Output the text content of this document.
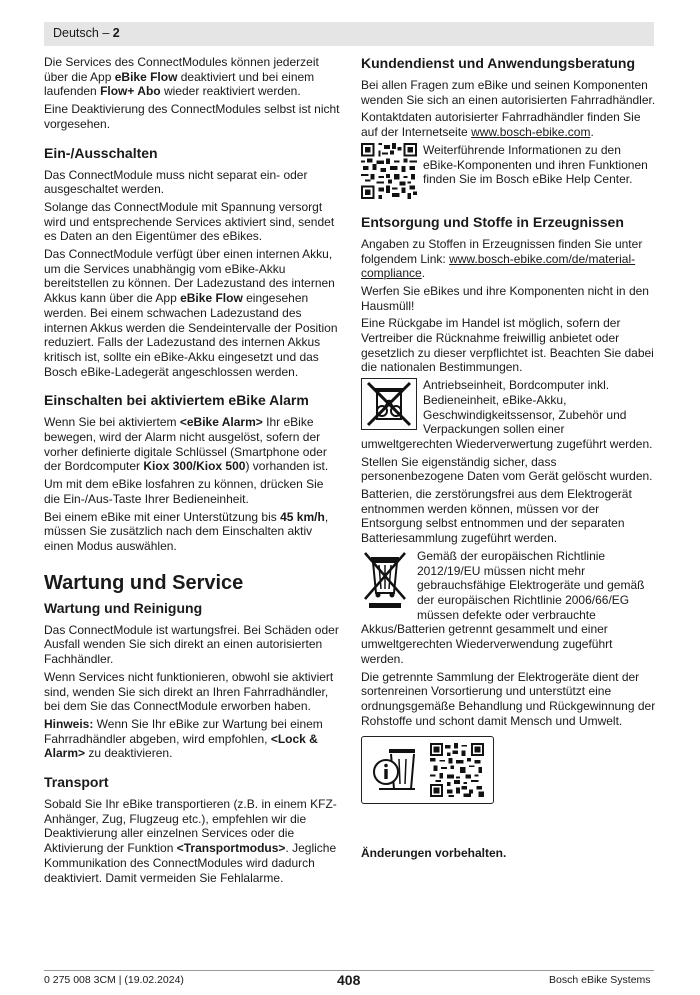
Deutsch – 2

Die Services des ConnectModules können jederzeit über die App eBike Flow deaktiviert und bei einem laufenden Flow+ Abo wieder reaktiviert werden.

Eine Deaktivierung des ConnectModules selbst ist nicht vorgesehen.

Ein-/Ausschalten

Das ConnectModule muss nicht separat ein- oder ausgeschaltet werden.

Solange das ConnectModule mit Spannung versorgt wird und entsprechende Services aktiviert sind, sendet es Daten an den Eigentümer des eBikes.

Das ConnectModule verfügt über einen internen Akku, um die Services unabhängig vom eBike-Akku bereitstellen zu können. Der Ladezustand des internen Akkus kann über die App eBike Flow eingesehen werden. Bei einem schwachen Ladezustand des internen Akkus werden die Sendeintervalle der Position reduziert. Falls der Ladezustand des internen Akkus kritisch ist, sollte ein eBike-Akku eingesetzt und das Bosch eBike-Ladegerät angeschlossen werden.

Einschalten bei aktiviertem eBike Alarm

Wenn Sie bei aktiviertem <eBike Alarm> Ihr eBike bewegen, wird der Alarm nicht ausgelöst, sofern der vorher definierte digitale Schlüssel (Smartphone oder der Bordcomputer Kiox 300/Kiox 500) vorhanden ist.

Um mit dem eBike losfahren zu können, drücken Sie die Ein-/Aus-Taste Ihrer Bedieneinheit.

Bei einem eBike mit einer Unterstützung bis 45 km/h, müssen Sie zusätzlich nach dem Einschalten aktiv einen Modus auswählen.

Wartung und Service
Wartung und Reinigung

Das ConnectModule ist wartungsfrei. Bei Schäden oder Ausfall wenden Sie sich direkt an einen autorisierten Fachhändler.

Wenn Services nicht funktionieren, obwohl sie aktiviert sind, wenden Sie sich direkt an Ihren Fahrradhändler, bei dem Sie das ConnectModule erworben haben.

Hinweis: Wenn Sie Ihr eBike zur Wartung bei einem Fahrradhändler abgeben, wird empfohlen, <Lock & Alarm> zu deaktivieren.

Transport

Sobald Sie Ihr eBike transportieren (z.B. in einem KFZ-Anhänger, Zug, Flugzeug etc.), empfehlen wir die Deaktivierung aller einzelnen Services oder die Aktivierung der Funktion <Transportmodus>. Jegliche Kommunikation des ConnectModules wird dadurch deaktiviert. Damit vermeiden Sie Fehlalarme.

Kundendienst und Anwendungsberatung

Bei allen Fragen zum eBike und seinen Komponenten wenden Sie sich an einen autorisierten Fahrradhändler.

Kontaktdaten autorisierter Fahrradhändler finden Sie auf der Internetseite www.bosch-ebike.com.

Weiterführende Informationen zu den eBike-Komponenten und ihren Funktionen finden Sie im Bosch eBike Help Center.

Entsorgung und Stoffe in Erzeugnissen

Angaben zu Stoffen in Erzeugnissen finden Sie unter folgendem Link: www.bosch-ebike.com/de/material-compliance.

Werfen Sie eBikes und ihre Komponenten nicht in den Hausmüll!

Eine Rückgabe im Handel ist möglich, sofern der Vertreiber die Rücknahme freiwillig anbietet oder gesetzlich zu dieser verpflichtet ist. Beachten Sie dabei die nationalen Bestimmungen.

Antriebseinheit, Bordcomputer inkl. Bedieneinheit, eBike-Akku, Geschwindigkeitssensor, Zubehör und Verpackungen sollen einer umweltgerechten Wiederverwertung zugeführt werden.

Stellen Sie eigenständig sicher, dass personenbezogene Daten vom Gerät gelöscht wurden.

Batterien, die zerstörungsfrei aus dem Elektrogerät entnommen werden können, müssen vor der Entsorgung selbst entnommen und der separaten Batteriesammlung zugeführt werden.

Gemäß der europäischen Richtlinie 2012/19/EU müssen nicht mehr gebrauchsfähige Elektrogeräte und gemäß der europäischen Richtlinie 2006/66/EG müssen defekte oder verbrauchte Akkus/Batterien getrennt gesammelt und einer umweltgerechten Wiederverwendung zugeführt werden.

Die getrennte Sammlung der Elektrogeräte dient der sortenreinen Vorsortierung und unterstützt eine ordnungsgemäße Behandlung und Rückgewinnung der Rohstoffe und schont damit Mensch und Umwelt.

Änderungen vorbehalten.

0 275 008 3CM | (19.02.2024)	408	Bosch eBike Systems
